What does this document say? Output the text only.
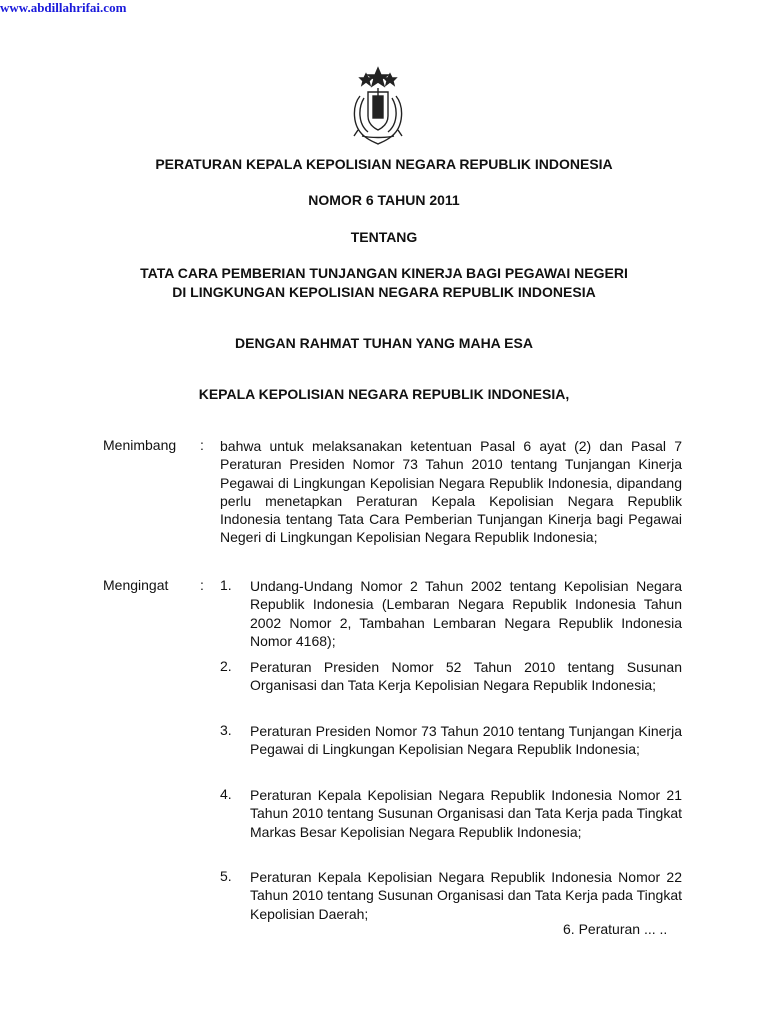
www.abdillahrifai.com
PERATURAN KEPALA KEPOLISIAN NEGARA REPUBLIK INDONESIA
NOMOR 6 TAHUN 2011
TENTANG
TATA CARA PEMBERIAN TUNJANGAN KINERJA BAGI PEGAWAI NEGERI
DI LINGKUNGAN KEPOLISIAN NEGARA REPUBLIK INDONESIA
DENGAN RAHMAT TUHAN YANG MAHA ESA
KEPALA KEPOLISIAN NEGARA REPUBLIK INDONESIA,
Menimbang : bahwa untuk melaksanakan ketentuan Pasal 6 ayat (2) dan Pasal 7 Peraturan Presiden Nomor 73 Tahun 2010 tentang Tunjangan Kinerja Pegawai di Lingkungan Kepolisian Negara Republik Indonesia, dipandang perlu menetapkan Peraturan Kepala Kepolisian Negara Republik Indonesia tentang Tata Cara Pemberian Tunjangan Kinerja bagi Pegawai Negeri di Lingkungan Kepolisian Negara Republik Indonesia;

Mengingat : 1. Undang-Undang Nomor 2 Tahun 2002 tentang Kepolisian Negara Republik Indonesia (Lembaran Negara Republik Indonesia Tahun 2002 Nomor 2, Tambahan Lembaran Negara Republik Indonesia Nomor 4168);

2. Peraturan Presiden Nomor 52 Tahun 2010 tentang Susunan Organisasi dan Tata Kerja Kepolisian Negara Republik Indonesia;

3. Peraturan Presiden Nomor 73 Tahun 2010 tentang Tunjangan Kinerja Pegawai di Lingkungan Kepolisian Negara Republik Indonesia;

4. Peraturan Kepala Kepolisian Negara Republik Indonesia Nomor 21 Tahun 2010 tentang Susunan Organisasi dan Tata Kerja pada Tingkat Markas Besar Kepolisian Negara Republik Indonesia;

5. Peraturan Kepala Kepolisian Negara Republik Indonesia Nomor 22 Tahun 2010 tentang Susunan Organisasi dan Tata Kerja pada Tingkat Kepolisian Daerah;

6. Peraturan ... ..
